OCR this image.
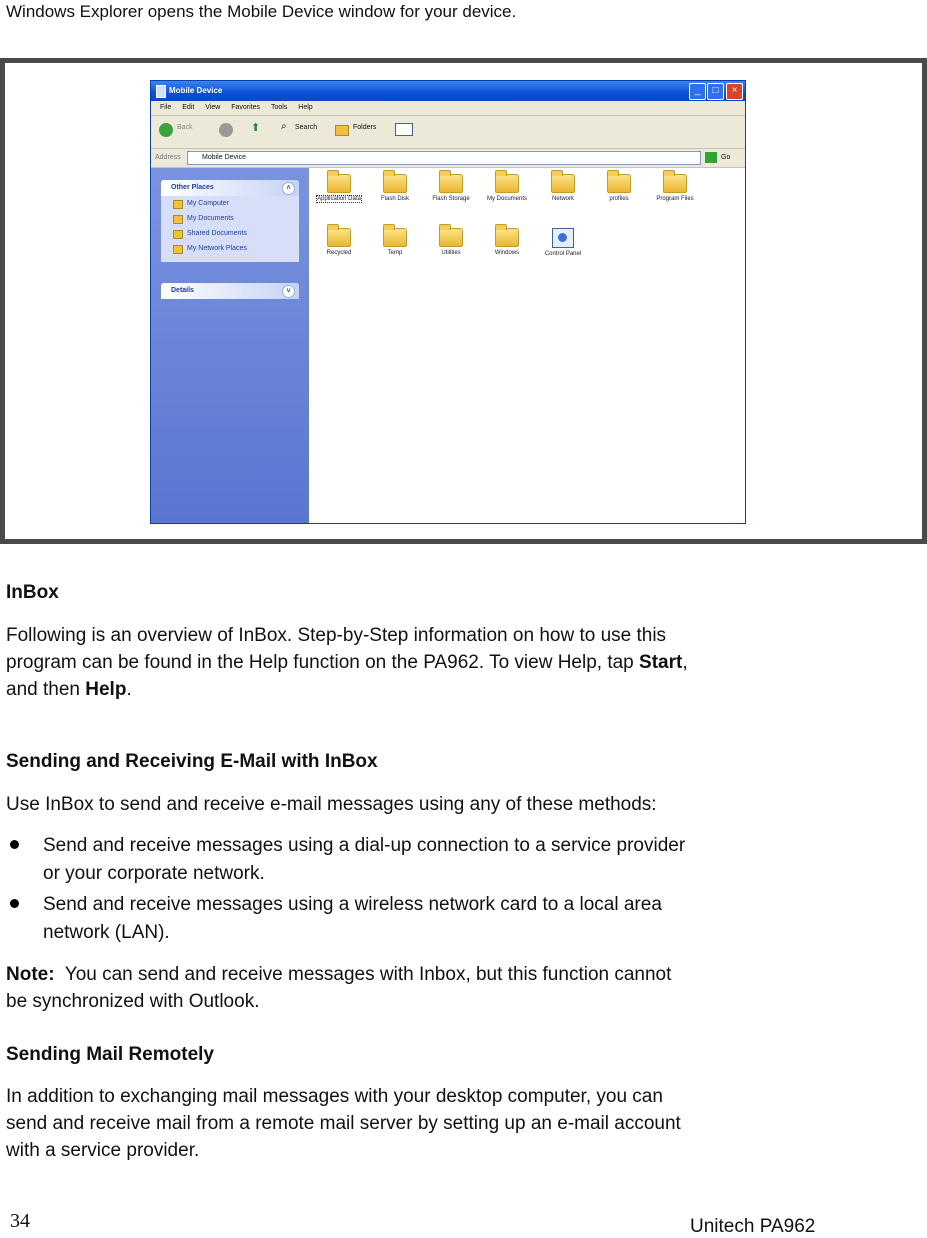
Windows Explorer opens the Mobile Device window for your device.
Mobile Device	_	□	×
File Edit View Favorites Tools Help
Back	⬆ ⌕ Search	Folders
Address	Mobile Device	Go
Other Places	˄
My Computer
My Documents
Shared Documents
My Network Places
Details	˅
Application Data	Flash Disk	Flash Storage	My Documents	Network	profiles	Program Files
Recycled	Temp	Utilities	Windows	Control Panel
InBox
Following is an overview of InBox. Step-by-Step information on how to use this
program can be found in the Help function on the PA962. To view Help, tap Start,
and then Help.
Sending and Receiving E-Mail with InBox
Use InBox to send and receive e-mail messages using any of these methods:
Send and receive messages using a dial-up connection to a service provider
or your corporate network.
Send and receive messages using a wireless network card to a local area
network (LAN).
Note:  You can send and receive messages with Inbox, but this function cannot
be synchronized with Outlook.
Sending Mail Remotely
In addition to exchanging mail messages with your desktop computer, you can
send and receive mail from a remote mail server by setting up an e-mail account
with a service provider.
34	Unitech PA962
